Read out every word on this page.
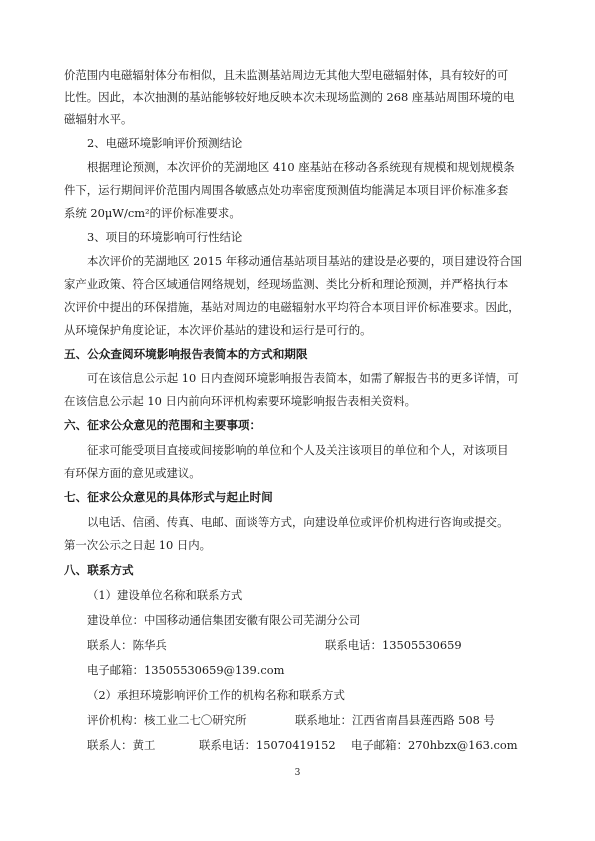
价范围内电磁辐射体分布相似，且未监测基站周边无其他大型电磁辐射体，具有较好的可
比性。因此，本次抽测的基站能够较好地反映本次未现场监测的 268 座基站周围环境的电
磁辐射水平。
2、电磁环境影响评价预测结论
根据理论预测，本次评价的芜湖地区 410 座基站在移动各系统现有规模和规划规模条
件下，运行期间评价范围内周围各敏感点处功率密度预测值均能满足本项目评价标准多套
系统 20μW/cm²的评价标准要求。
3、项目的环境影响可行性结论
本次评价的芜湖地区 2015 年移动通信基站项目基站的建设是必要的，项目建设符合国
家产业政策、符合区域通信网络规划，经现场监测、类比分析和理论预测，并严格执行本
次评价中提出的环保措施，基站对周边的电磁辐射水平均符合本项目评价标准要求。因此，
从环境保护角度论证，本次评价基站的建设和运行是可行的。
五、公众查阅环境影响报告表简本的方式和期限
可在该信息公示起 10 日内查阅环境影响报告表简本，如需了解报告书的更多详情，可
在该信息公示起 10 日内前向环评机构索要环境影响报告表相关资料。
六、征求公众意见的范围和主要事项：
征求可能受项目直接或间接影响的单位和个人及关注该项目的单位和个人，对该项目
有环保方面的意见或建议。
七、征求公众意见的具体形式与起止时间
以电话、信函、传真、电邮、面谈等方式，向建设单位或评价机构进行咨询或提交。
第一次公示之日起 10 日内。
八、联系方式
（1）建设单位名称和联系方式
建设单位：中国移动通信集团安徽有限公司芜湖分公司
联系人：陈华兵	联系电话：13505530659
电子邮箱：13505530659@139.com
（2）承担环境影响评价工作的机构名称和联系方式
评价机构：核工业二七〇研究所	联系地址：江西省南昌县莲西路 508 号
联系人：黄工	联系电话：15070419152 电子邮箱：270hbzx@163.com
3
